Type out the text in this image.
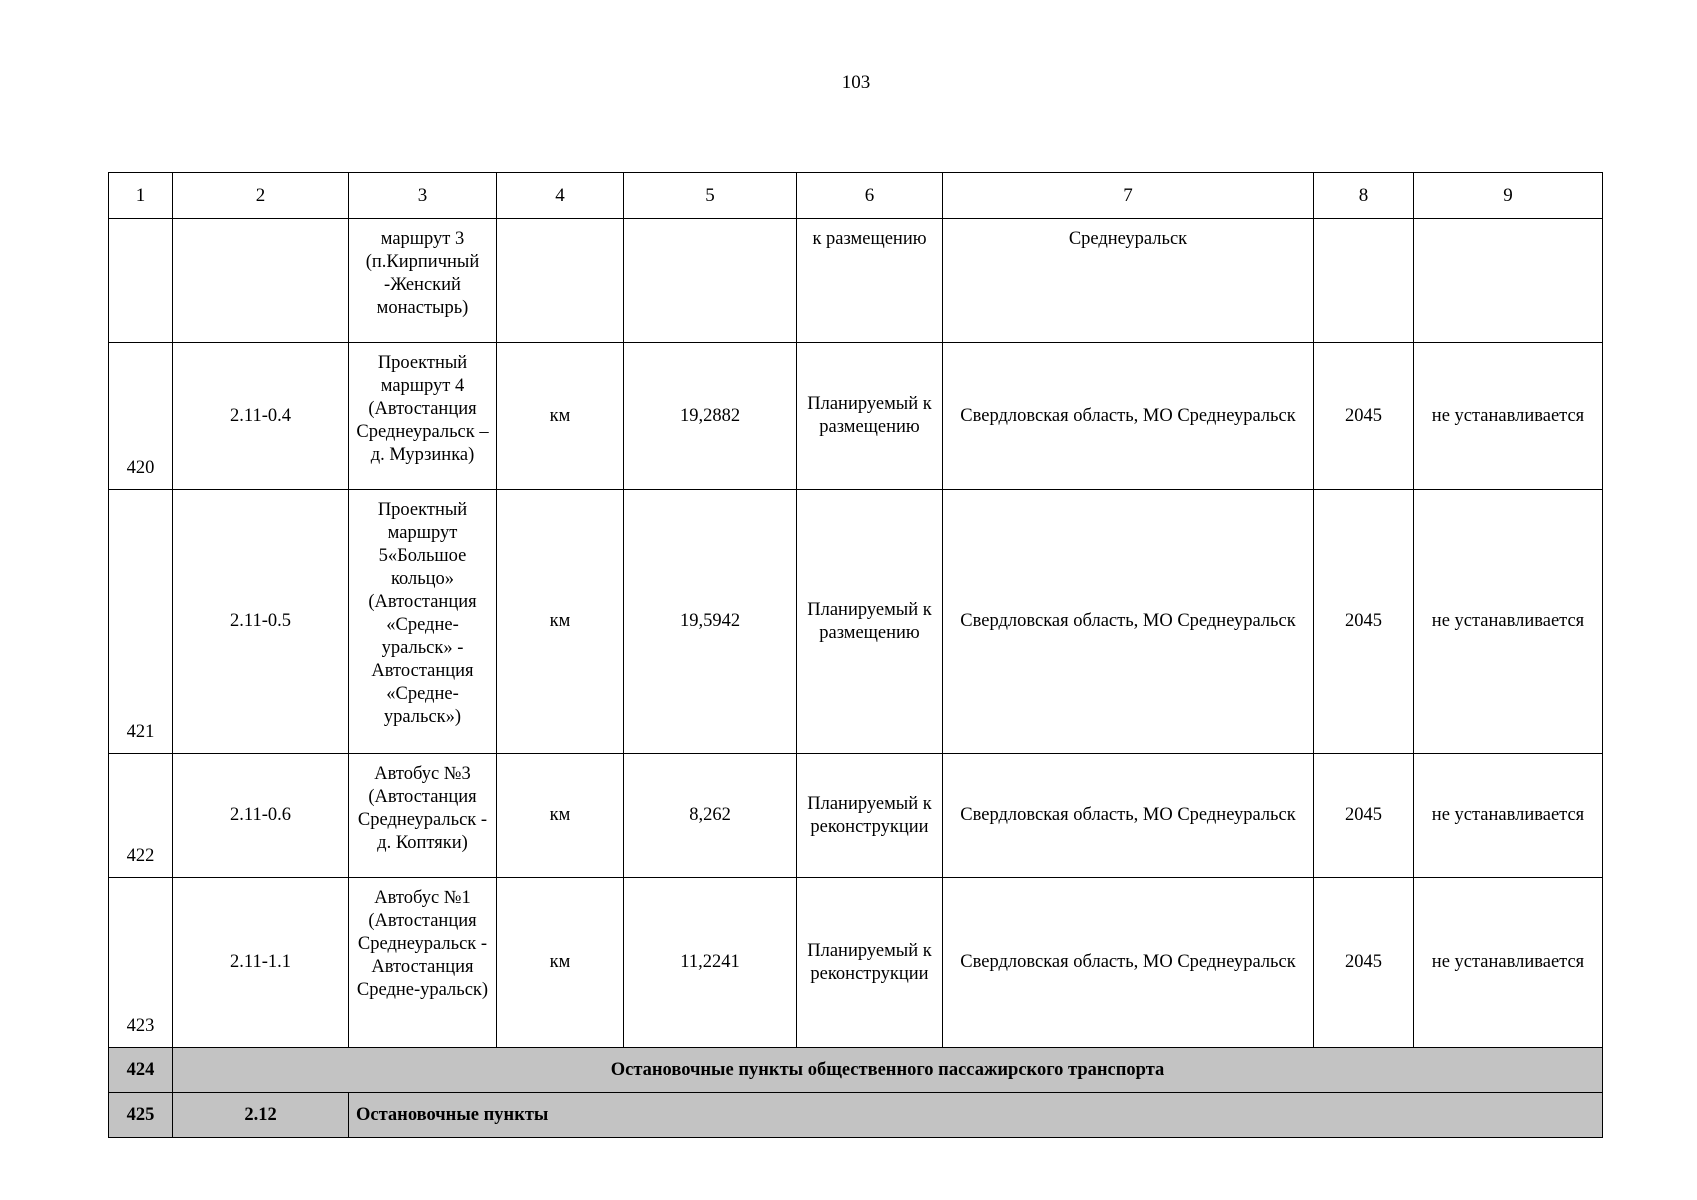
103
1	2	3	4	5	6	7	8	9
		маршрут 3 (п.Кирпичный -Женский монастырь)			к размещению	Среднеуральск		
420	2.11-0.4	Проектный маршрут 4 (Автостанция Среднеуральск – д. Мурзинка)	км	19,2882	Планируемый к размещению	Свердловская область, МО Среднеуральск	2045	не устанавливается
421	2.11-0.5	Проектный маршрут 5«Большое кольцо» (Автостанция «Средне-уральск» - Автостанция «Средне-уральск»)	км	19,5942	Планируемый к размещению	Свердловская область, МО Среднеуральск	2045	не устанавливается
422	2.11-0.6	Автобус №3 (Автостанция Среднеуральск - д. Коптяки)	км	8,262	Планируемый к реконструкции	Свердловская область, МО Среднеуральск	2045	не устанавливается
423	2.11-1.1	Автобус №1 (Автостанция Среднеуральск - Автостанция Средне-уральск)	км	11,2241	Планируемый к реконструкции	Свердловская область, МО Среднеуральск	2045	не устанавливается
424	Остановочные пункты общественного пассажирского транспорта							
425	2.12	Остановочные пункты						
